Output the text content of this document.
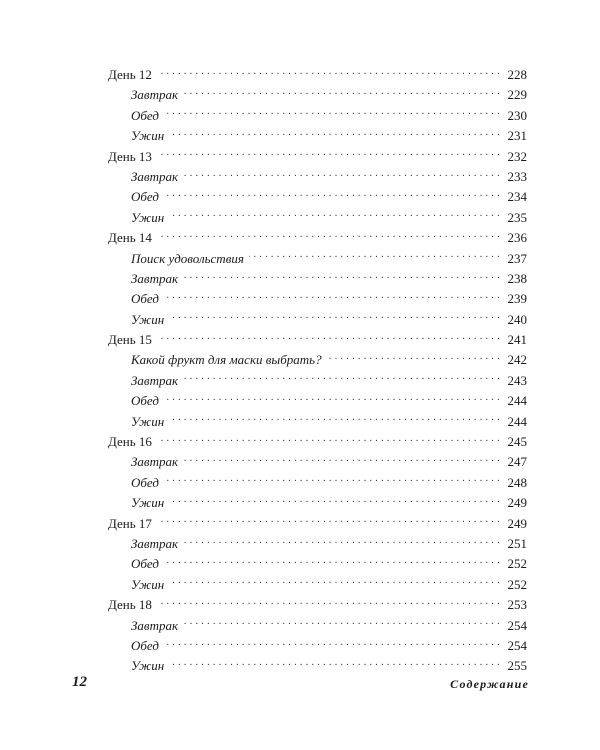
День 12 . . .	228
Завтрак . . .	229
Обед . . .	230
Ужин . . .	231
День 13 . . .	232
Завтрак . . .	233
Обед . . .	234
Ужин . . .	235
День 14 . . .	236
Поиск удовольствия . . .	237
Завтрак . . .	238
Обед . . .	239
Ужин . . .	240
День 15 . . .	241
Какой фрукт для маски выбрать? . . .	242
Завтрак . . .	243
Обед . . .	244
Ужин . . .	244
День 16 . . .	245
Завтрак . . .	247
Обед . . .	248
Ужин . . .	249
День 17 . . .	249
Завтрак . . .	251
Обед . . .	252
Ужин . . .	252
День 18 . . .	253
Завтрак . . .	254
Обед . . .	254
Ужин . . .	255
12	Содержание
